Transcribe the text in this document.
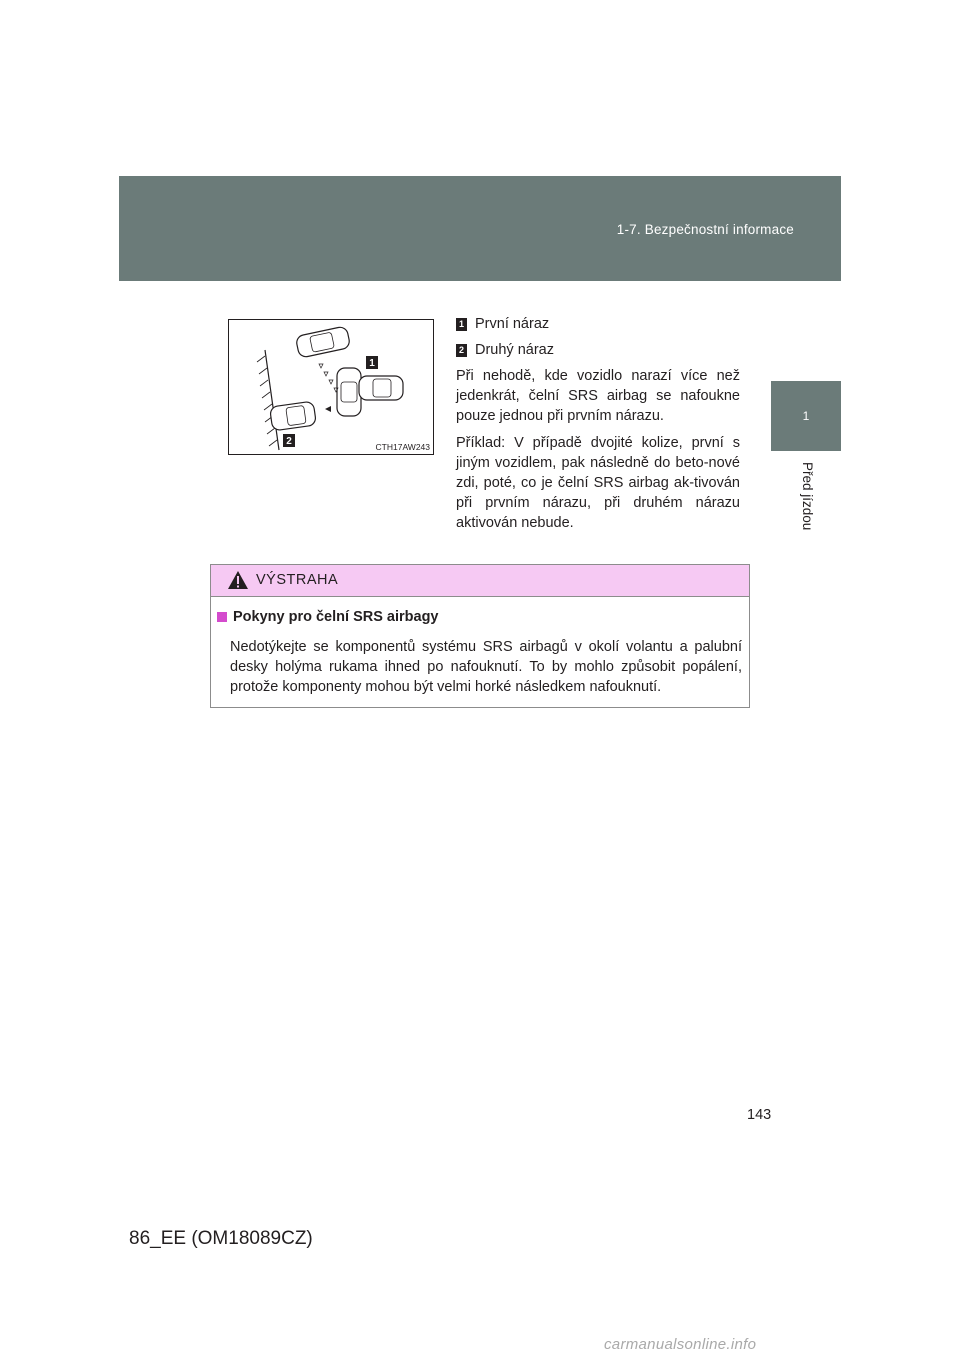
1-7. Bezpečnostní informace
1
Před jízdou
1
2	CTH17AW243
1 První náraz
2 Druhý náraz

Při nehodě, kde vozidlo narazí více než jedenkrát, čelní SRS airbag se nafoukne pouze jednou při prvním nárazu.

Příklad: V případě dvojité kolize, první s jiným vozidlem, pak následně do beto-nové zdi, poté, co je čelní SRS airbag ak-tivován při prvním nárazu, při druhém nárazu aktivován nebude.

VÝSTRAHA
Pokyny pro čelní SRS airbagy
Nedotýkejte se komponentů systému SRS airbagů v okolí volantu a palubní desky holýma rukama ihned po nafouknutí. To by mohlo způsobit popálení, protože komponenty mohou být velmi horké následkem nafouknutí.
143
86_EE (OM18089CZ)
carmanualsonline.info
